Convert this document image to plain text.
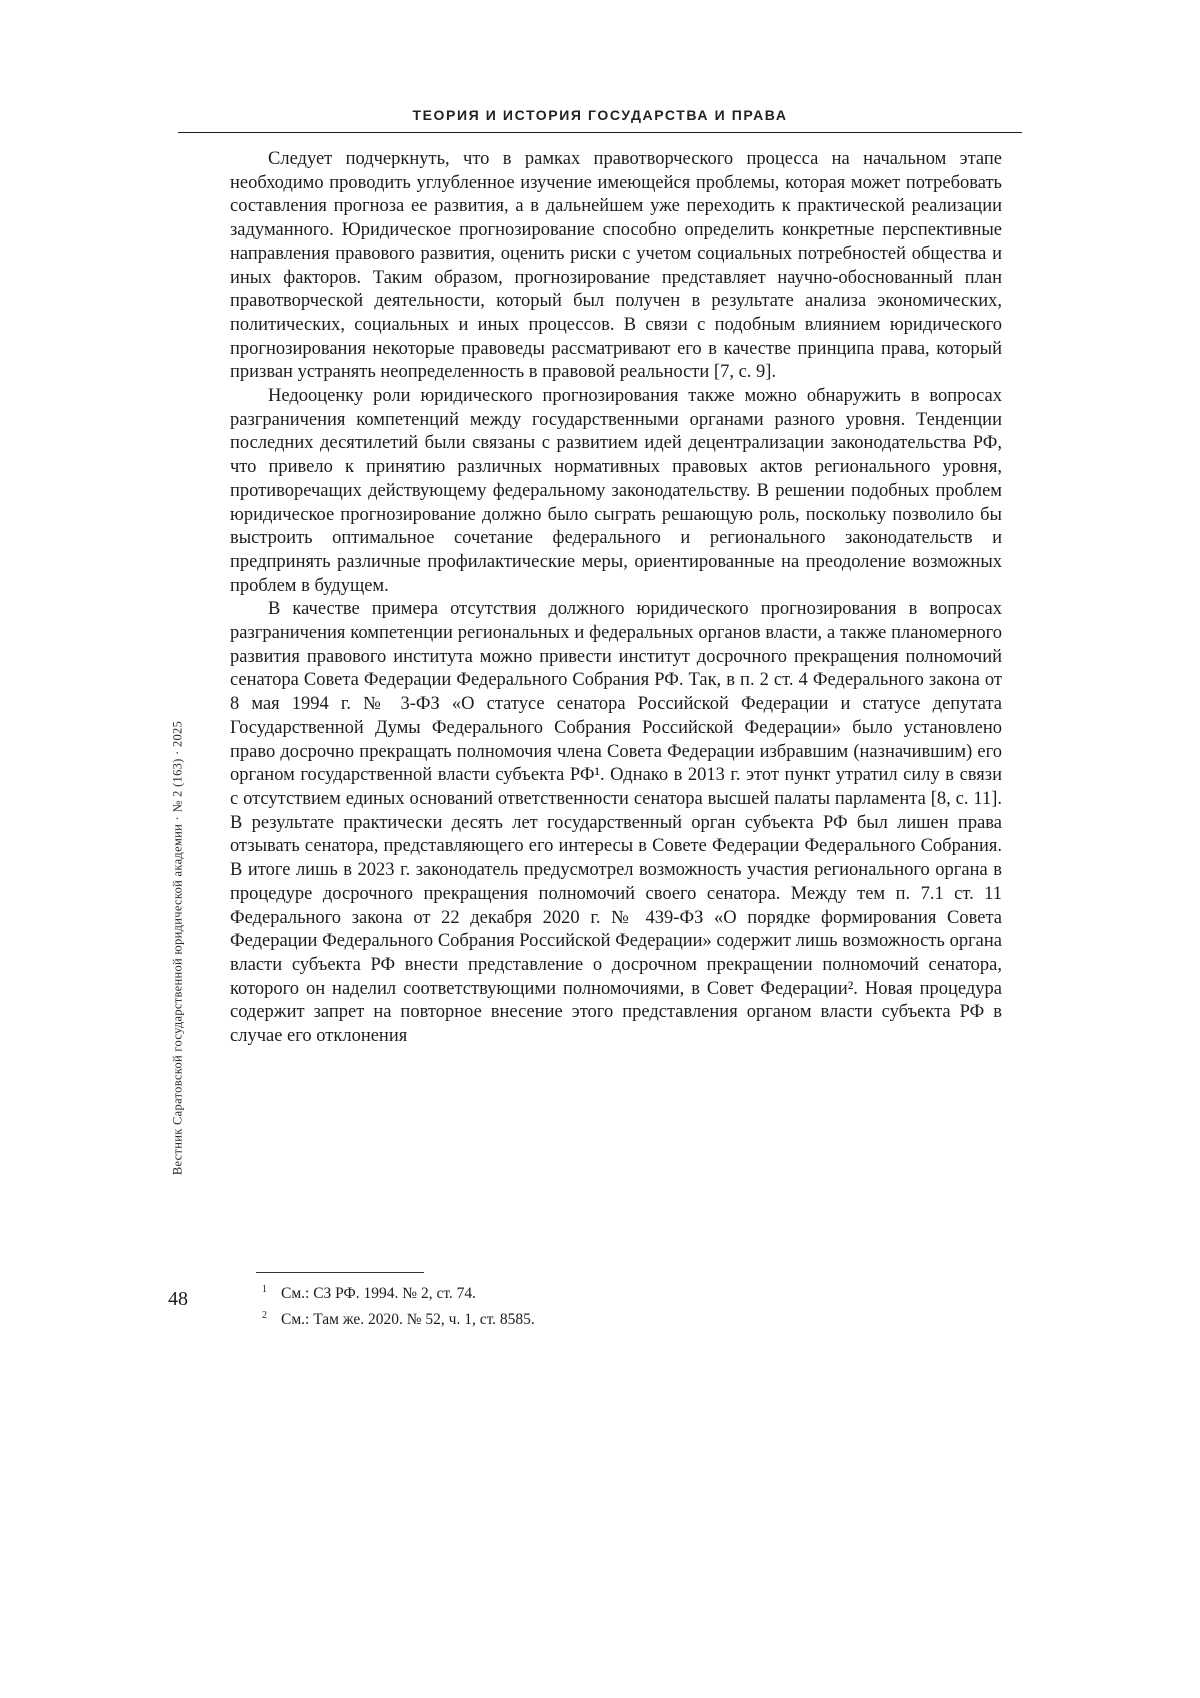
ТЕОРИЯ И ИСТОРИЯ ГОСУДАРСТВА И ПРАВА

Следует подчеркнуть, что в рамках правотворческого процесса на начальном этапе необходимо проводить углубленное изучение имеющейся проблемы, которая может потребовать составления прогноза ее развития, а в дальнейшем уже переходить к практической реализации задуманного. Юридическое прогнозирование способно определить конкретные перспективные направления правового развития, оценить риски с учетом социальных потребностей общества и иных факторов. Таким образом, прогнозирование представляет научно-обоснованный план правотворческой деятельности, который был получен в результате анализа экономических, политических, социальных и иных процессов. В связи с подобным влиянием юридического прогнозирования некоторые правоведы рассматривают его в качестве принципа права, который призван устранять неопределенность в правовой реальности [7, с. 9].

Недооценку роли юридического прогнозирования также можно обнаружить в вопросах разграничения компетенций между государственными органами разного уровня. Тенденции последних десятилетий были связаны с развитием идей децентрализации законодательства РФ, что привело к принятию различных нормативных правовых актов регионального уровня, противоречащих действующему федеральному законодательству. В решении подобных проблем юридическое прогнозирование должно было сыграть решающую роль, поскольку позволило бы выстроить оптимальное сочетание федерального и регионального законодательств и предпринять различные профилактические меры, ориентированные на преодоление возможных проблем в будущем.

В качестве примера отсутствия должного юридического прогнозирования в вопросах разграничения компетенции региональных и федеральных органов власти, а также планомерного развития правового института можно привести институт досрочного прекращения полномочий сенатора Совета Федерации Федерального Собрания РФ. Так, в п. 2 ст. 4 Федерального закона от 8 мая 1994 г. № 3-ФЗ «О статусе сенатора Российской Федерации и статусе депутата Государственной Думы Федерального Собрания Российской Федерации» было установлено право досрочно прекращать полномочия члена Совета Федерации избравшим (назначившим) его органом государственной власти субъекта РФ¹. Однако в 2013 г. этот пункт утратил силу в связи с отсутствием единых оснований ответственности сенатора высшей палаты парламента [8, с. 11]. В результате практически десять лет государственный орган субъекта РФ был лишен права отзывать сенатора, представляющего его интересы в Совете Федерации Федерального Собрания. В итоге лишь в 2023 г. законодатель предусмотрел возможность участия регионального органа в процедуре досрочного прекращения полномочий своего сенатора. Между тем п. 7.1 ст. 11 Федерального закона от 22 декабря 2020 г. № 439-ФЗ «О порядке формирования Совета Федерации Федерального Собрания Российской Федерации» содержит лишь возможность органа власти субъекта РФ внести представление о досрочном прекращении полномочий сенатора, которого он наделил соответствующими полномочиями, в Совет Федерации². Новая процедура содержит запрет на повторное внесение этого представления органом власти субъекта РФ в случае его отклонения

Вестник Саратовской государственной юридической академии · № 2 (163) · 2025
$^1$ См.: СЗ РФ. 1994. № 2, ст. 74.
$^2$ См.: Там же. 2020. № 52, ч. 1, ст. 8585.
48
